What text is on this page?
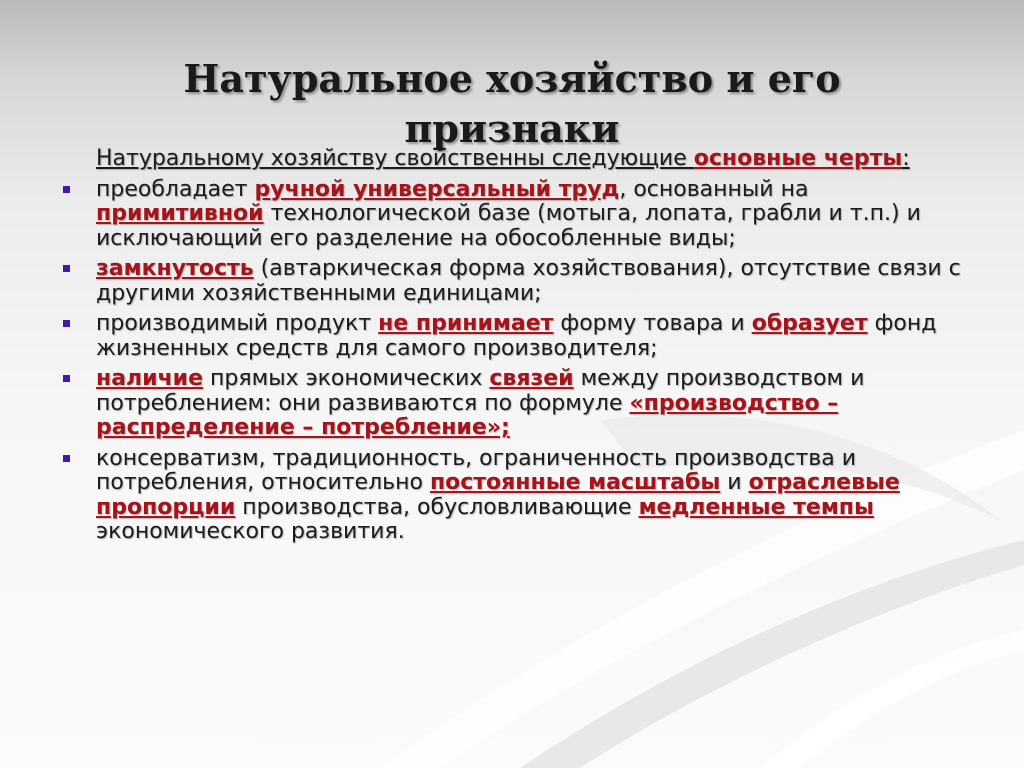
Натуральное хозяйство и его
признаки
Натуральному хозяйству свойственны следующие основные черты:
преобладает ручной универсальный труд, основанный на примитивной технологической базе (мотыга, лопата, грабли и т.п.) и исключающий его разделение на обособленные виды;
замкнутость (автаркическая форма хозяйствования), отсутствие связи с другими хозяйственными единицами;
производимый продукт не принимает форму товара и образует фонд жизненных средств для самого производителя;
наличие прямых экономических связей между производством и потреблением: они развиваются по формуле «производство – распределение – потребление»;
консерватизм, традиционность, ограниченность производства и потребления, относительно постоянные масштабы и отраслевые пропорции производства, обусловливающие медленные темпы экономического развития.
